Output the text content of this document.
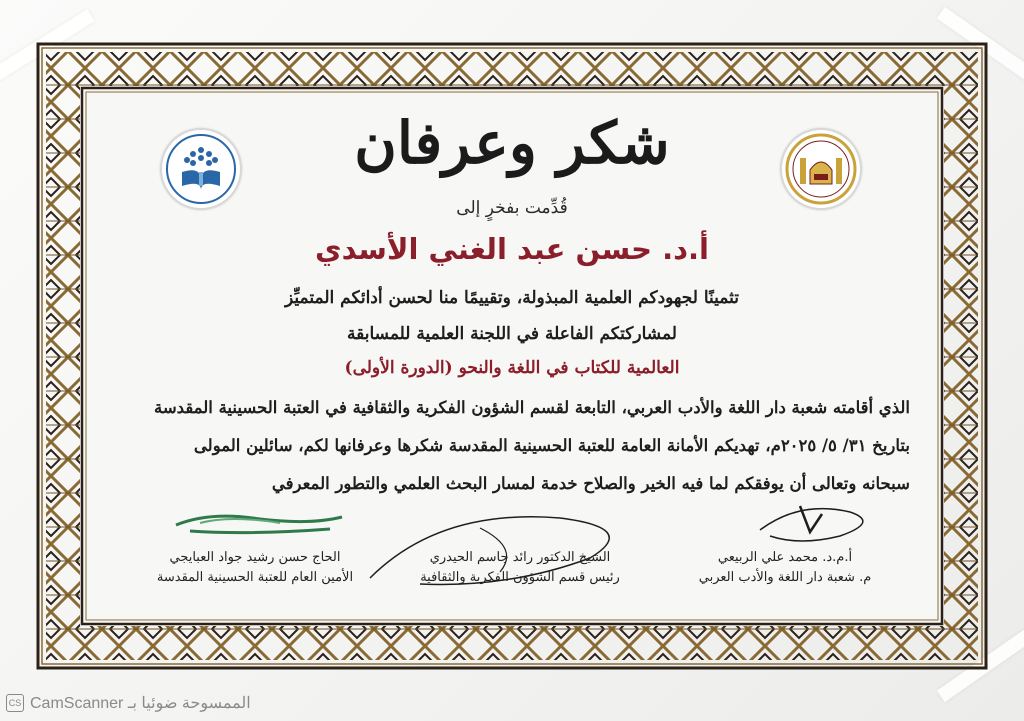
شكر وعرفان
قُدِّمت بفخرٍ إلى
أ.د. حسن عبد الغني الأسدي
تثمينًا لجهودكم العلمية المبذولة، وتقييمًا منا لحسن أدائكم المتميِّز
لمشاركتكم الفاعلة في اللجنة العلمية للمسابقة
العالمية للكتاب في اللغة والنحو (الدورة الأولى)
الذي أقامته شعبة دار اللغة والأدب العربي، التابعة لقسم الشؤون الفكرية والثقافية في العتبة الحسينية المقدسة
بتاريخ ٣١/ ٥/ ٢٠٢٥م، تهديكم الأمانة العامة للعتبة الحسينية المقدسة شكرها وعرفانها لكم، سائلين المولى
سبحانه وتعالى أن يوفقكم لما فيه الخير والصلاح خدمة لمسار البحث العلمي والتطور المعرفي
أ.م.د. محمد علي الربيعي
م. شعبة دار اللغة والأدب العربي
الشيخ الدكتور رائد جاسم الحيدري
رئيس قسم الشؤون الفكرية والثقافية
الحاج حسن رشيد جواد العبايجي
الأمين العام للعتبة الحسينية المقدسة
الممسوحة ضوئيا بـ CamScanner
CS
